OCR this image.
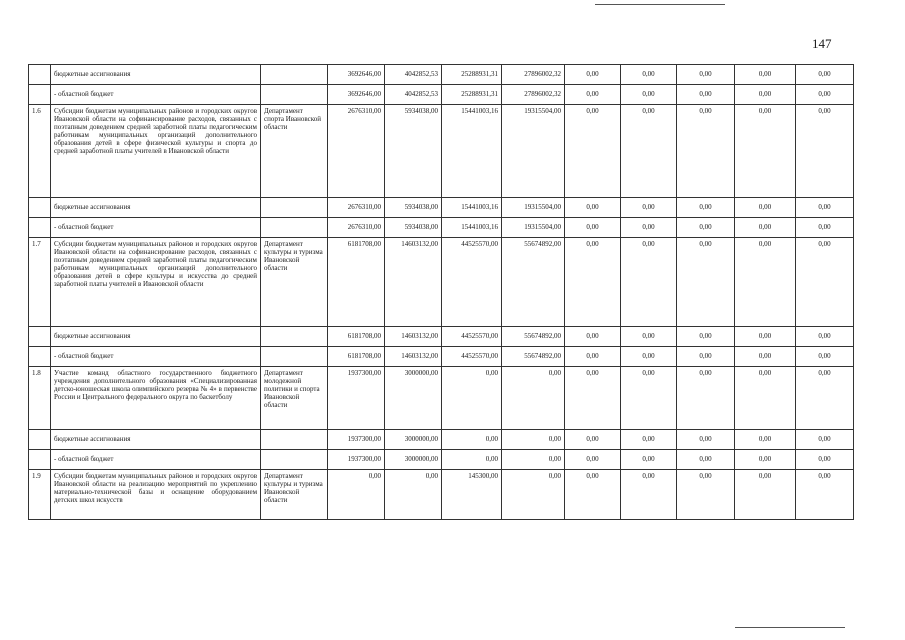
147
	бюджетные ассигнования		3692646,00	4042852,53	25288931,31	27896002,32	0,00	0,00	0,00	0,00	0,00
	- областной бюджет		3692646,00	4042852,53	25288931,31	27896002,32	0,00	0,00	0,00	0,00	0,00
1.6	Субсидии бюджетам муниципальных районов и городских округов Ивановской области на софинансирование расходов, связанных с поэтапным доведением средней заработной платы педагогическим работникам муниципальных организаций дополнительного образования детей в сфере физической культуры и спорта до средней заработной платы учителей в Ивановской области	Департамент спорта Ивановской области	2676310,00	5934038,00	15441003,16	19315504,00	0,00	0,00	0,00	0,00	0,00
	бюджетные ассигнования		2676310,00	5934038,00	15441003,16	19315504,00	0,00	0,00	0,00	0,00	0,00
	- областной бюджет		2676310,00	5934038,00	15441003,16	19315504,00	0,00	0,00	0,00	0,00	0,00
1.7	Субсидии бюджетам муниципальных районов и городских округов Ивановской области на софинансирование расходов, связанных с поэтапным доведением средней заработной платы педагогическим работникам муниципальных организаций дополнительного образования детей в сфере культуры и искусства до средней заработной платы учителей в Ивановской области	Департамент культуры и туризма Ивановской области	6181708,00	14603132,00	44525570,00	55674892,00	0,00	0,00	0,00	0,00	0,00
	бюджетные ассигнования		6181708,00	14603132,00	44525570,00	55674892,00	0,00	0,00	0,00	0,00	0,00
	- областной бюджет		6181708,00	14603132,00	44525570,00	55674892,00	0,00	0,00	0,00	0,00	0,00
1.8	Участие команд областного государственного бюджетного учреждения дополнительного образования «Специализированная детско-юношеская школа олимпийского резерва № 4» в первенстве России и Центрального федерального округа по баскетболу	Департамент молодежной политики и спорта Ивановской области	1937300,00	3000000,00	0,00	0,00	0,00	0,00	0,00	0,00	0,00
	бюджетные ассигнования		1937300,00	3000000,00	0,00	0,00	0,00	0,00	0,00	0,00	0,00
	- областной бюджет		1937300,00	3000000,00	0,00	0,00	0,00	0,00	0,00	0,00	0,00
1.9	Субсидии бюджетам муниципальных районов и городских округов Ивановской области на реализацию мероприятий по укреплению материально-технической базы и оснащение оборудованием детских школ искусств	Департамент культуры и туризма Ивановской области	0,00	0,00	145300,00	0,00	0,00	0,00	0,00	0,00	0,00
